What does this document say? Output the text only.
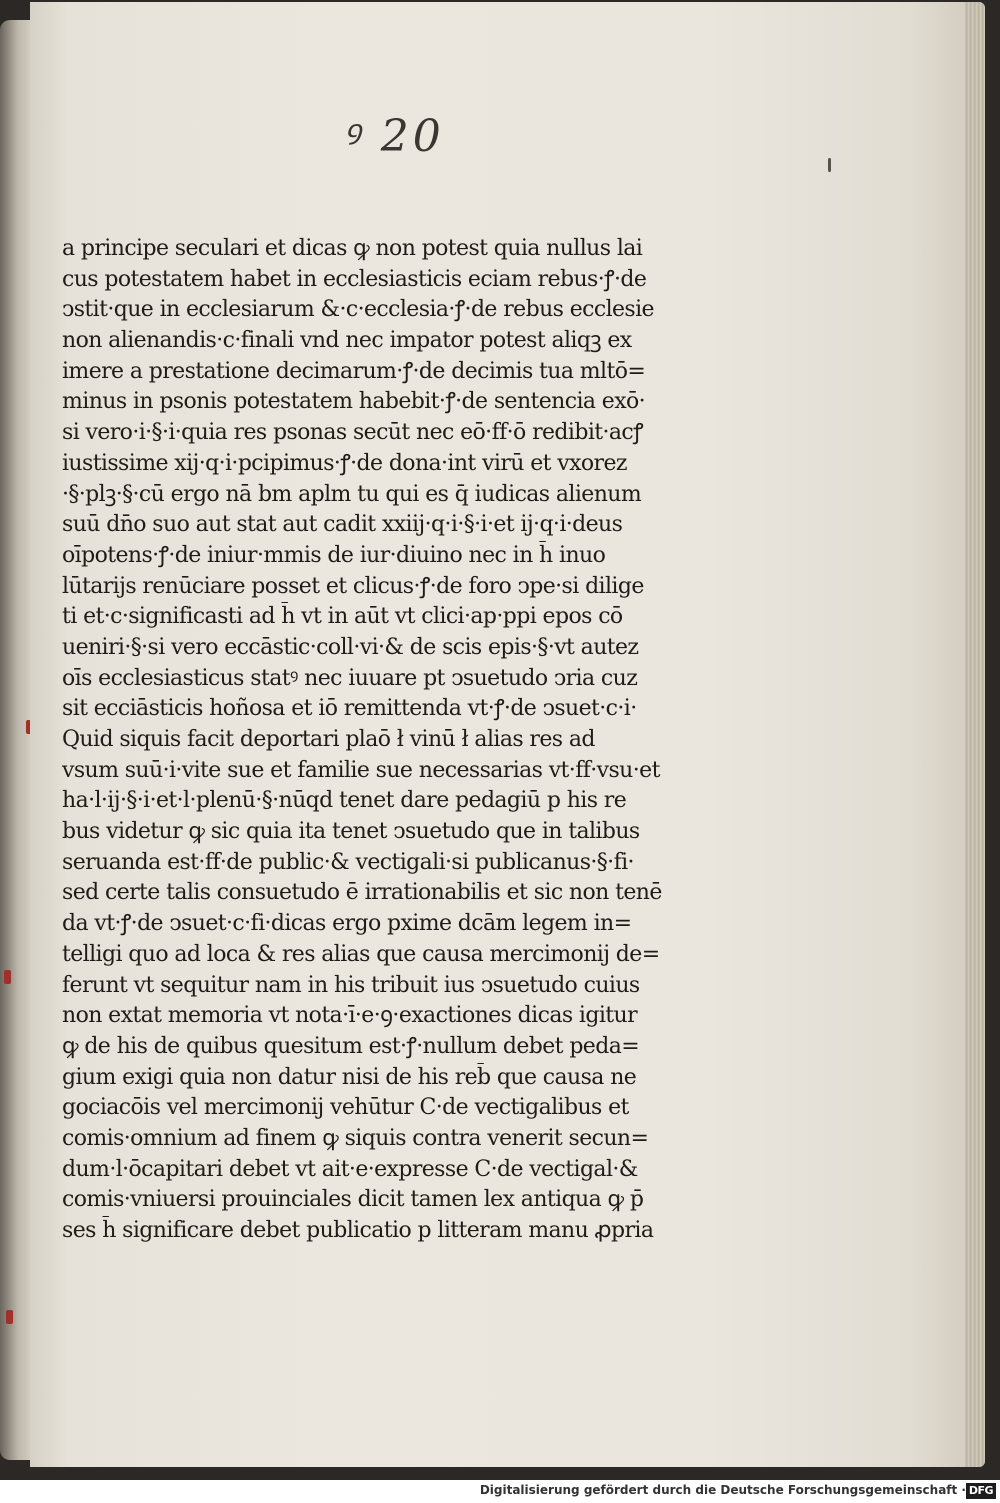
ꝰ 20
a principe seculari et dicas ꝙ non potest quia nullus lai
cus potestatem habet in ecclesiasticis eciam rebus·ꝭ·de
ↄstit·que in ecclesiarum &·c·ecclesia·ꝭ·de rebus ecclesie
non alienandis·c·finali vnd nec impator potest aliqꝫ ex
imere a prestatione decimarum·ꝭ·de decimis tua mltō=
minus in psonis potestatem habebit·ꝭ·de sentencia exō·
si vero·i·§·i·quia res psonas secūt nec eō·ff·ō redibit·acꝭ
iustissime xij·q·i·pcipimus·ꝭ·de dona·int virū et vxorez
·§·plꝫ·§·cū ergo nā bm aplm tu qui es q̄ iudicas alienum
suū dn̄o suo aut stat aut cadit xxiij·q·i·§·i·et ij·q·i·deus
oīpotens·ꝭ·de iniur·mmis de iur·diuino nec in h̄ inuo
lūtarijs renūciare posset et clicus·ꝭ·de foro ↄpe·si dilige
ti et·c·significasti ad h̄ vt in aūt vt clici·ap·ppi epos cō
ueniri·§·si vero eccāstic·coll·vi·& de scis epis·§·vt autez
oīs ecclesiasticus statꝰ nec iuuare pt ↄsuetudo ↄria cuz
sit ecciāsticis hoñosa et iō remittenda vt·ꝭ·de ↄsuet·c·i·
Quid siquis facit deportari plaō ł vinū ł alias res ad
vsum suū·i·vite sue et familie sue necessarias vt·ff·vsu·et
ha·l·ij·§·i·et·l·plenū·§·nūqd tenet dare pedagiū p his re
bus videtur ꝙ sic quia ita tenet ↄsuetudo que in talibus
seruanda est·ff·de public·& vectigali·si publicanus·§·fi·
sed certe talis consuetudo ē irrationabilis et sic non tenē
da vt·ꝭ·de ↄsuet·c·fi·dicas ergo pxime dcām legem in=
telligi quo ad loca & res alias que causa mercimonij de=
ferunt vt sequitur nam in his tribuit ius ↄsuetudo cuius
non extat memoria vt nota·ī·e·ꝯ·exactiones dicas igitur
ꝙ de his de quibus quesitum est·ꝭ·nullum debet peda=
gium exigi quia non datur nisi de his reb̄ que causa ne
gociacōis vel mercimonij vehūtur C·de vectigalibus et
comis·omnium ad finem ꝙ siquis contra venerit secun=
dum·l·ōcapitari debet vt ait·e·expresse C·de vectigal·&
comis·vniuersi prouinciales dicit tamen lex antiqua ꝙ p̄
ses h̄ significare debet publicatio p litteram manu ꝓpria
Digitalisierung gefördert durch die Deutsche Forschungsgemeinschaft · DFG
